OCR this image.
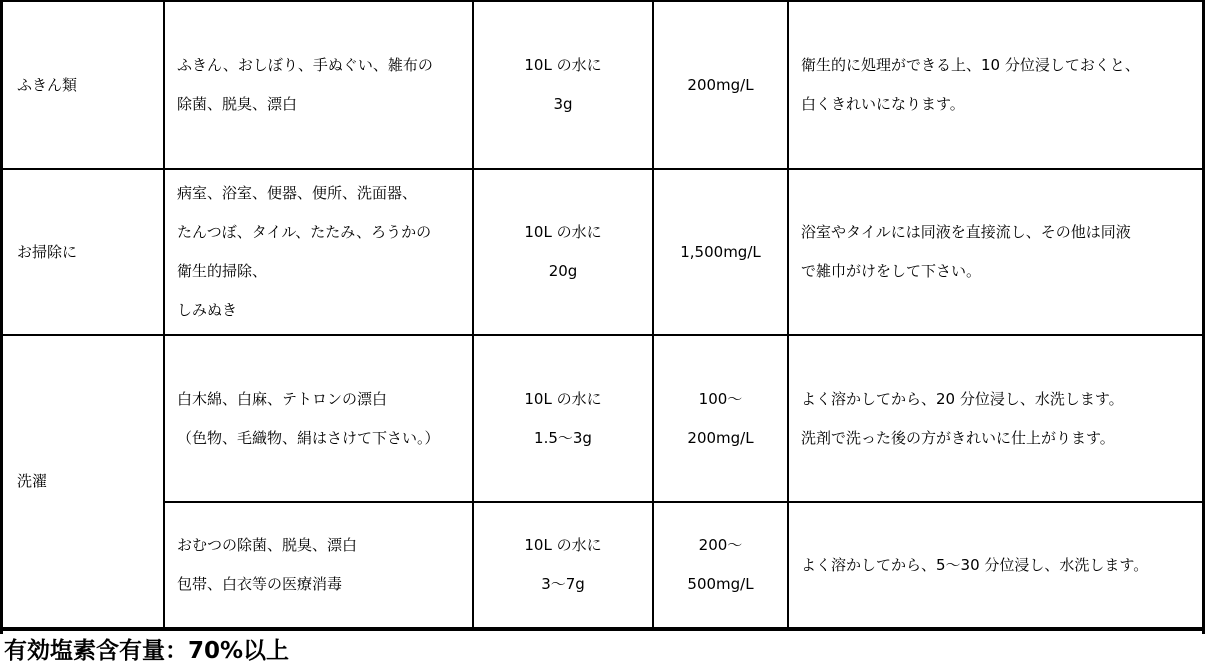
ふきん類
ふきん、おしぼり、手ぬぐい、雑布の
除菌、脱臭、漂白
10L の水に
3g
200mg/L
衛生的に処理ができる上、10 分位浸しておくと、
白くきれいになります。
お掃除に
病室、浴室、便器、便所、洗面器、
たんつぼ、タイル、たたみ、ろうかの
衛生的掃除、
しみぬき
10L の水に
20g
1,500mg/L
浴室やタイルには同液を直接流し、その他は同液
で雑巾がけをして下さい。
洗濯
白木綿、白麻、テトロンの漂白
（色物、毛織物、絹はさけて下さい。）
10L の水に
1.5～3g
100～
200mg/L
よく溶かしてから、20 分位浸し、水洗します。
洗剤で洗った後の方がきれいに仕上がります。
おむつの除菌、脱臭、漂白
包帯、白衣等の医療消毒
10L の水に
3～7g
200～
500mg/L
よく溶かしてから、5～30 分位浸し、水洗します。
有効塩素含有量：70%以上
